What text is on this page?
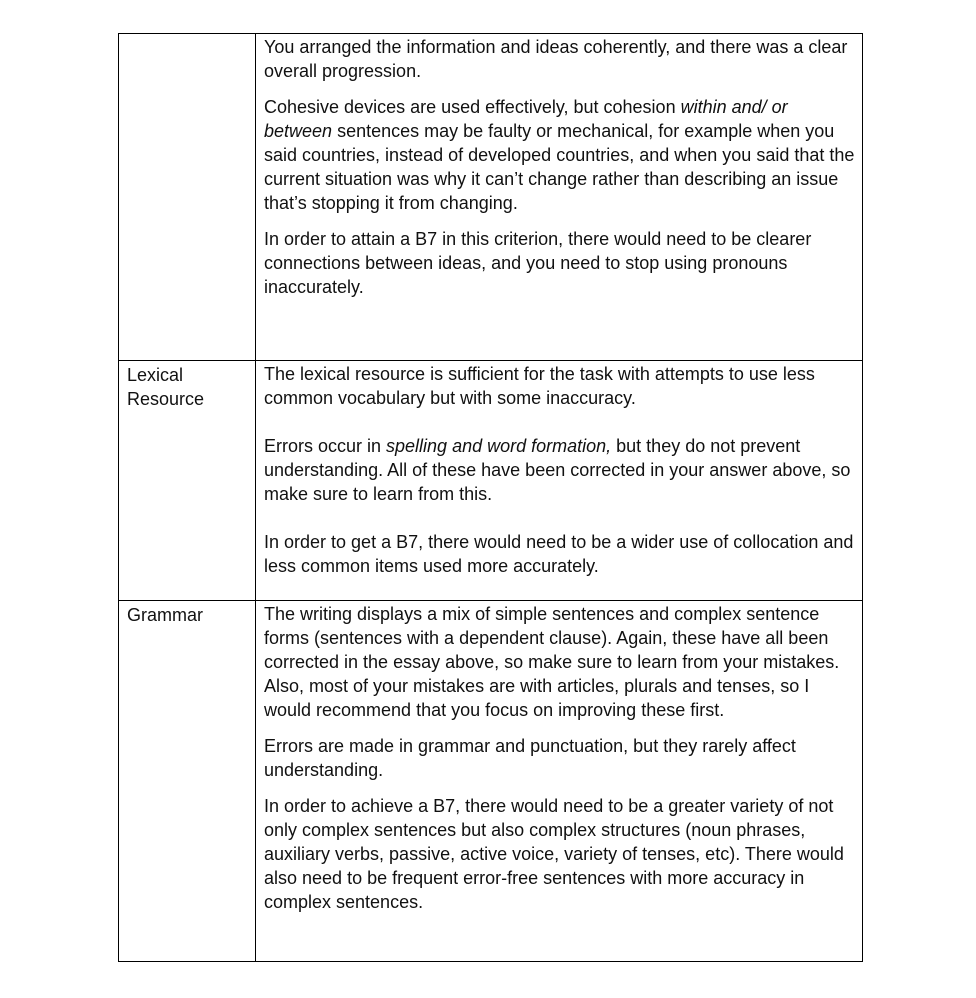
	You arranged the information and ideas coherently, and there was a clear overall progression.

Cohesive devices are used effectively, but cohesion within and/ or between sentences may be faulty or mechanical, for example when you said countries, instead of developed countries, and when you said that the current situation was why it can’t change rather than describing an issue that’s stopping it from changing.

In order to attain a B7 in this criterion, there would need to be clearer connections between ideas, and you need to stop using pronouns inaccurately.

Lexical Resource	The lexical resource is sufficient for the task with attempts to use less common vocabulary but with some inaccuracy.

Errors occur in spelling and word formation, but they do not prevent understanding. All of these have been corrected in your answer above, so make sure to learn from this.

In order to get a B7, there would need to be a wider use of collocation and less common items used more accurately.

Grammar	The writing displays a mix of simple sentences and complex sentence forms (sentences with a dependent clause). Again, these have all been corrected in the essay above, so make sure to learn from your mistakes. Also, most of your mistakes are with articles, plurals and tenses, so I would recommend that you focus on improving these first.

Errors are made in grammar and punctuation, but they rarely affect understanding.

In order to achieve a B7, there would need to be a greater variety of not only complex sentences but also complex structures (noun phrases, auxiliary verbs, passive, active voice, variety of tenses, etc). There would also need to be frequent error-free sentences with more accuracy in complex sentences.
